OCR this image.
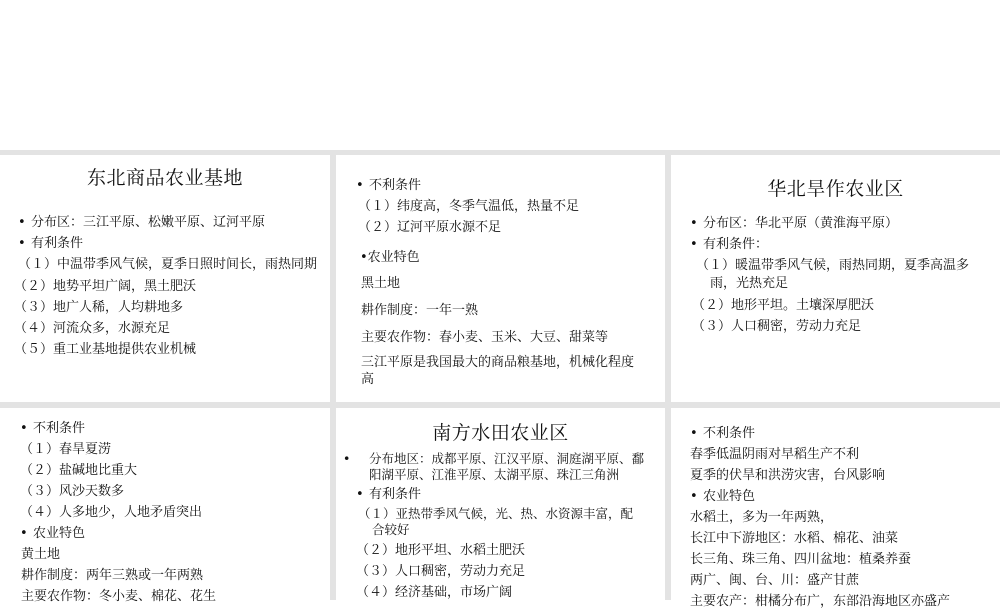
东北商品农业基地
• 分布区：三江平原、松嫩平原、辽河平原
• 有利条件
（１）中温带季风气候，夏季日照时间长，雨热同期
（２）地势平坦广阔，黑土肥沃
（３）地广人稀，人均耕地多
（４）河流众多，水源充足
（５）重工业基地提供农业机械
• 不利条件
（１）纬度高，冬季气温低，热量不足
（２）辽河平原水源不足
•农业特色
黑土地
耕作制度：一年一熟
主要农作物：春小麦、玉米、大豆、甜菜等
三江平原是我国最大的商品粮基地，机械化程度高
华北旱作农业区
• 分布区：华北平原（黄淮海平原）
• 有利条件：
（１）暖温带季风气候，雨热同期，夏季高温多雨，光热充足
（２）地形平坦。土壤深厚肥沃
（３）人口稠密，劳动力充足
• 不利条件
（１）春旱夏涝
（２）盐碱地比重大
（３）风沙天数多
（４）人多地少，人地矛盾突出
• 农业特色
黄土地
耕作制度：两年三熟或一年两熟
主要农作物：冬小麦、棉花、花生
南方水田农业区
• 分布地区：成都平原、江汉平原、洞庭湖平原、鄱阳湖平原、江淮平原、太湖平原、珠江三角洲
• 有利条件
（１）亚热带季风气候，光、热、水资源丰富，配合较好
（２）地形平坦、水稻土肥沃
（３）人口稠密，劳动力充足
（４）经济基础，市场广阔
• 不利条件
春季低温阴雨对早稻生产不利
夏季的伏旱和洪涝灾害，台风影响
• 农业特色
水稻土，多为一年两熟，
长江中下游地区：水稻、棉花、油菜
长三角、珠三角、四川盆地：植桑养蚕
两广、闽、台、川：盛产甘蔗
主要农产：柑橘分布广，东部沿海地区亦盛产
